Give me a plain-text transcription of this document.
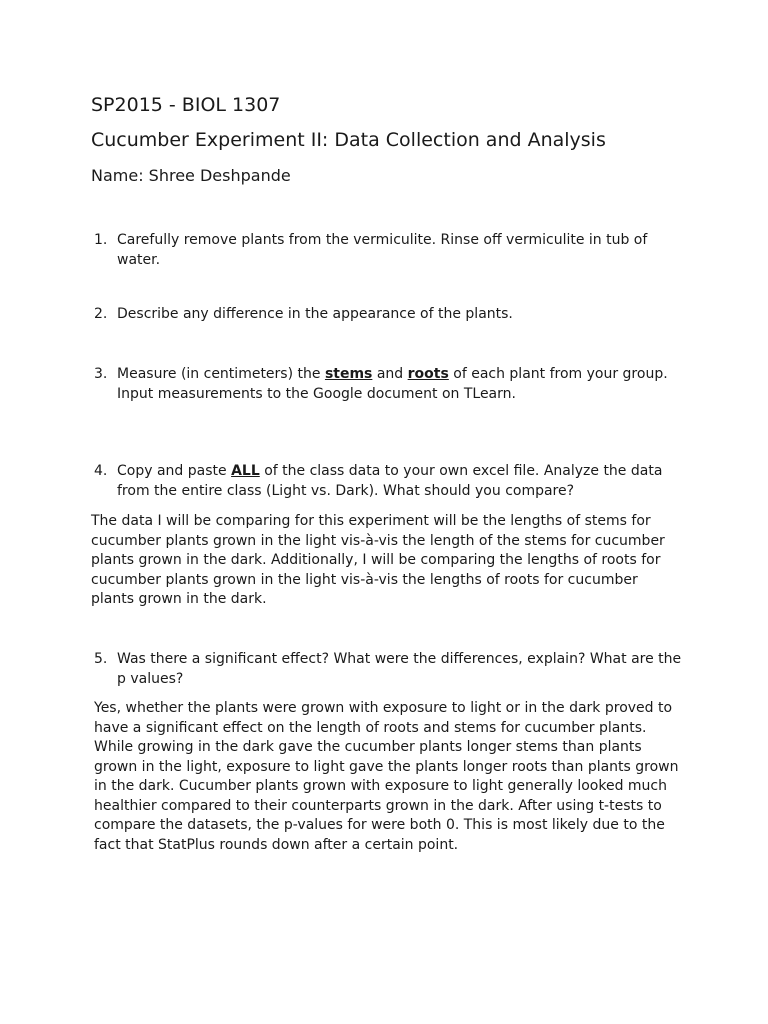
SP2015 - BIOL 1307

Cucumber Experiment II: Data Collection and Analysis

Name: Shree Deshpande

1. Carefully remove plants from the vermiculite. Rinse off vermiculite in tub of water.
2. Describe any difference in the appearance of the plants.
3. Measure (in centimeters) the stems and roots of each plant from your group. Input measurements to the Google document on TLearn.
4. Copy and paste ALL of the class data to your own excel file. Analyze the data from the entire class (Light vs. Dark). What should you compare?

The data I will be comparing for this experiment will be the lengths of stems for cucumber plants grown in the light vis-à-vis the length of the stems for cucumber plants grown in the dark. Additionally, I will be comparing the lengths of roots for cucumber plants grown in the light vis-à-vis the lengths of roots for cucumber plants grown in the dark.

5. Was there a significant effect? What were the differences, explain? What are the p values?

Yes, whether the plants were grown with exposure to light or in the dark proved to have a significant effect on the length of roots and stems for cucumber plants. While growing in the dark gave the cucumber plants longer stems than plants grown in the light, exposure to light gave the plants longer roots than plants grown in the dark. Cucumber plants grown with exposure to light generally looked much healthier compared to their counterparts grown in the dark. After using t-tests to compare the datasets, the p-values for were both 0. This is most likely due to the fact that StatPlus rounds down after a certain point.
